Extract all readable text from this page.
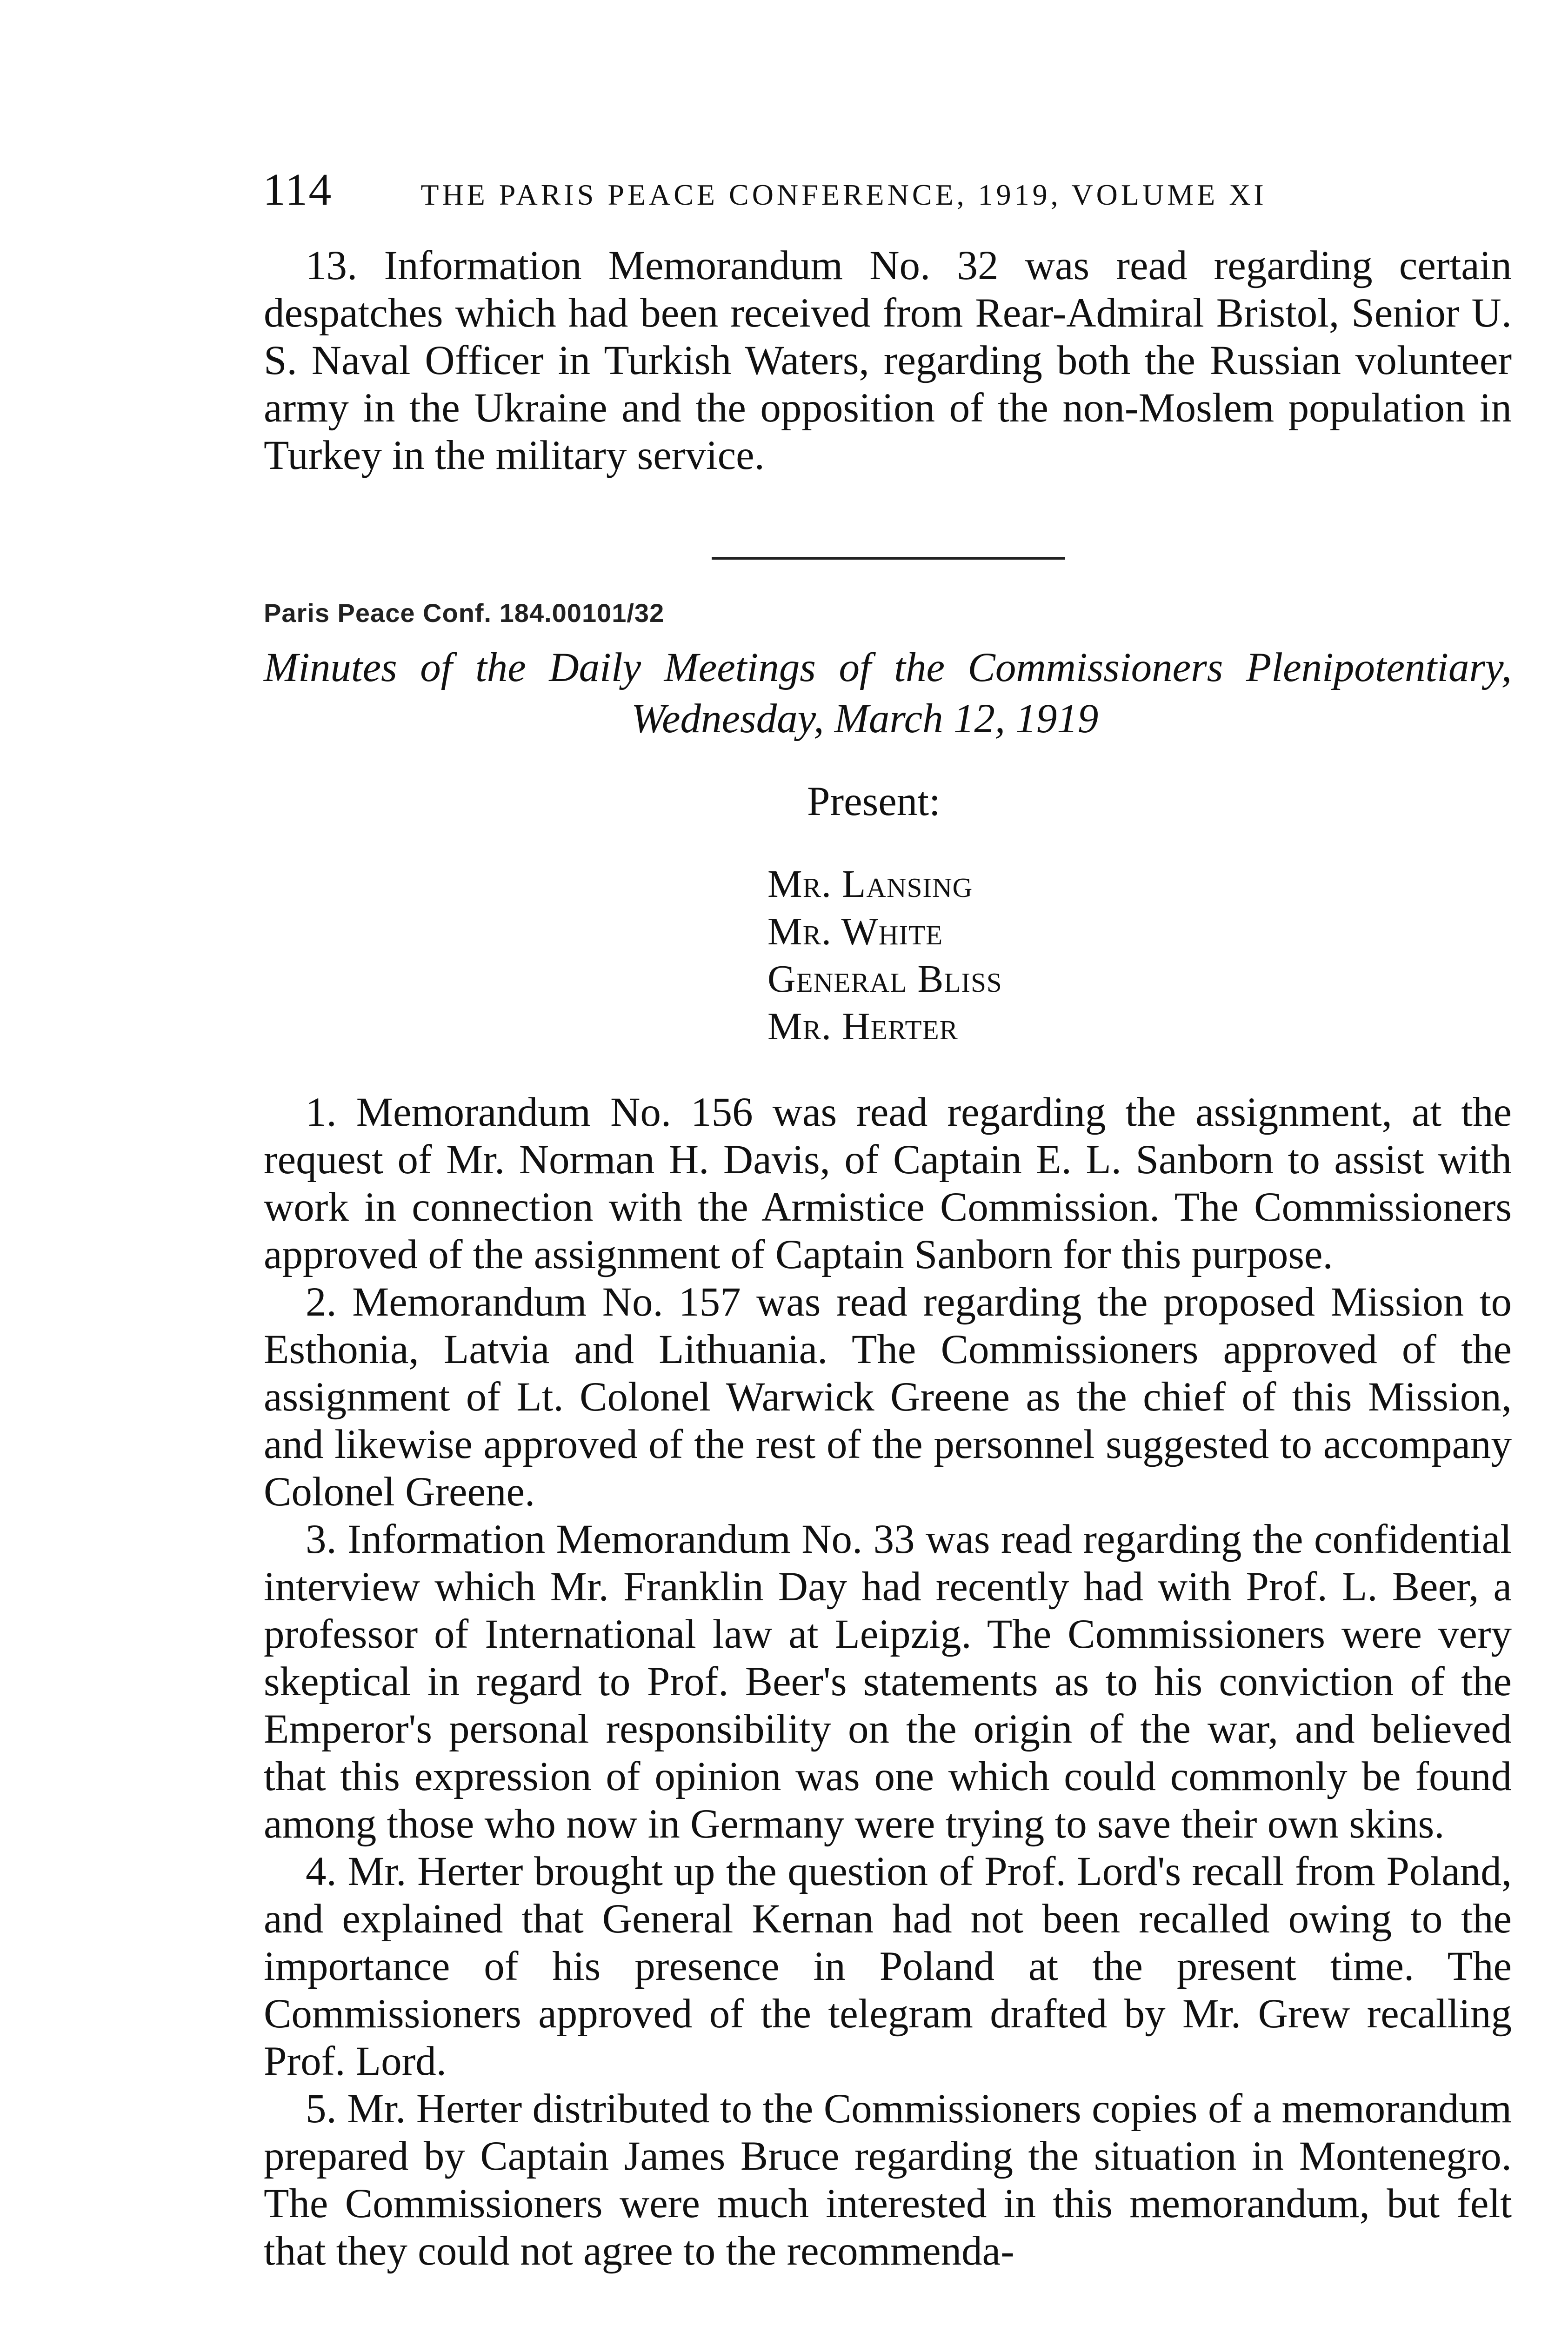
114	THE PARIS PEACE CONFERENCE, 1919, VOLUME XI

13. Information Memorandum No. 32 was read regarding certain despatches which had been received from Rear-Admiral Bristol, Senior U. S. Naval Officer in Turkish Waters, regarding both the Russian volunteer army in the Ukraine and the opposition of the non-Moslem population in Turkey in the military service.

Paris Peace Conf. 184.00101/32
Minutes of the Daily Meetings of the Commissioners Plenipotentiary,
Wednesday, March 12, 1919
Present:
Mr. Lansing
Mr. White
General Bliss
Mr. Herter

1. Memorandum No. 156 was read regarding the assignment, at the request of Mr. Norman H. Davis, of Captain E. L. Sanborn to assist with work in connection with the Armistice Commission. The Commissioners approved of the assignment of Captain Sanborn for this purpose.

2. Memorandum No. 157 was read regarding the proposed Mission to Esthonia, Latvia and Lithuania. The Commissioners approved of the assignment of Lt. Colonel Warwick Greene as the chief of this Mission, and likewise approved of the rest of the personnel suggested to accompany Colonel Greene.

3. Information Memorandum No. 33 was read regarding the confidential interview which Mr. Franklin Day had recently had with Prof. L. Beer, a professor of International law at Leipzig. The Commissioners were very skeptical in regard to Prof. Beer's statements as to his conviction of the Emperor's personal responsibility on the origin of the war, and believed that this expression of opinion was one which could commonly be found among those who now in Germany were trying to save their own skins.

4. Mr. Herter brought up the question of Prof. Lord's recall from Poland, and explained that General Kernan had not been recalled owing to the importance of his presence in Poland at the present time. The Commissioners approved of the telegram drafted by Mr. Grew recalling Prof. Lord.

5. Mr. Herter distributed to the Commissioners copies of a memorandum prepared by Captain James Bruce regarding the situation in Montenegro. The Commissioners were much interested in this memorandum, but felt that they could not agree to the recommenda-
